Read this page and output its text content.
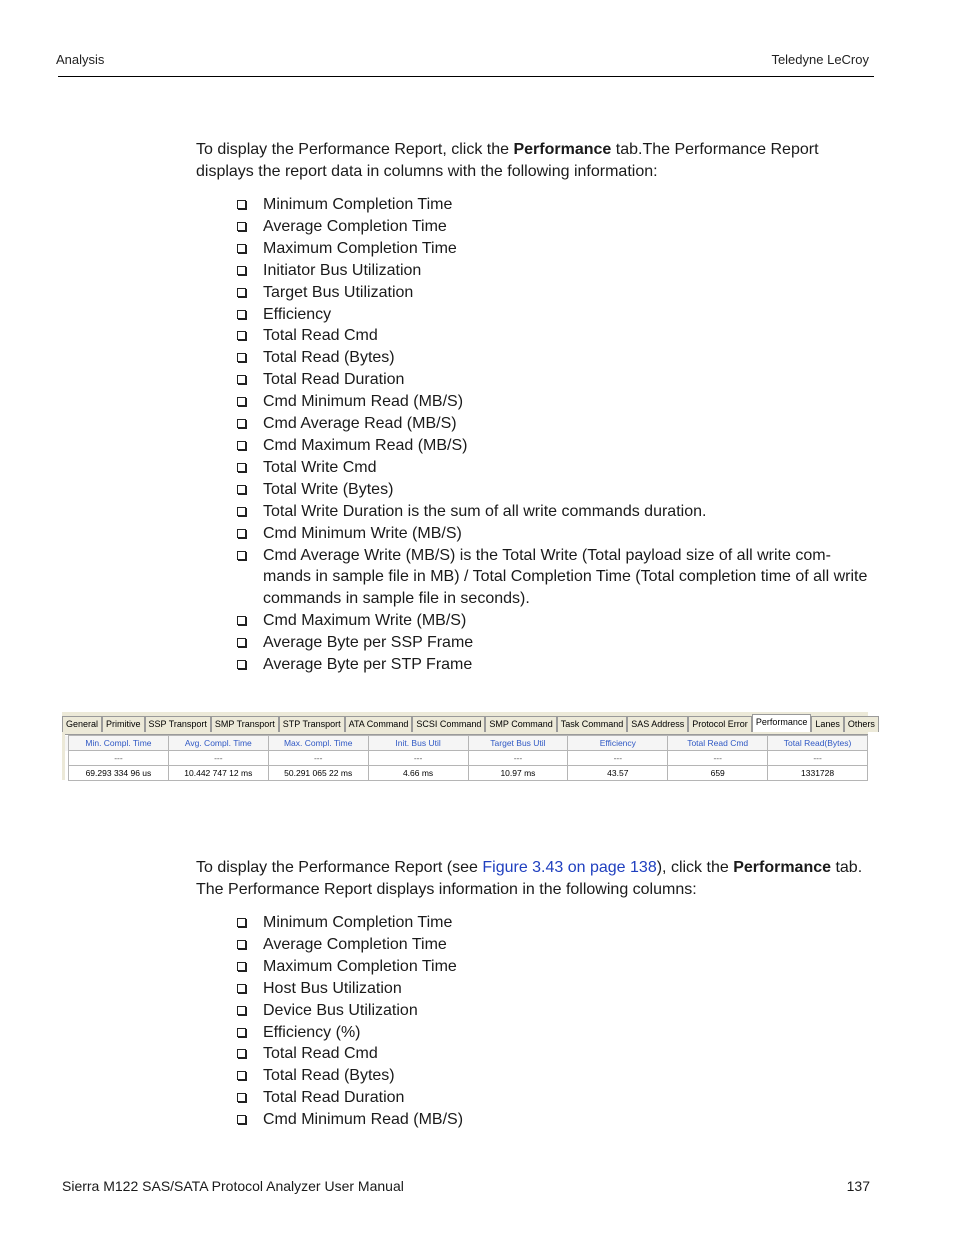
Analysis	Teledyne LeCroy

To display the Performance Report, click the Performance tab.The Performance Report displays the report data in columns with the following information:

Minimum Completion Time
Average Completion Time
Maximum Completion Time
Initiator Bus Utilization
Target Bus Utilization
Efficiency
Total Read Cmd
Total Read (Bytes)
Total Read Duration
Cmd Minimum Read (MB/S)
Cmd Average Read (MB/S)
Cmd Maximum Read (MB/S)
Total Write Cmd
Total Write (Bytes)
Total Write Duration is the sum of all write commands duration.
Cmd Minimum Write (MB/S)
Cmd Average Write (MB/S) is the Total Write (Total payload size of all write com-mands in sample file in MB) / Total Completion Time (Total completion time of all write commands in sample file in seconds).
Cmd Maximum Write (MB/S)
Average Byte per SSP Frame
Average Byte per STP Frame
General Primitive SSP Transport SMP Transport STP Transport ATA Command SCSI Command SMP Command Task Command SAS Address Protocol Error Performance Lanes Others
	Min. Compl. Time	Avg. Compl. Time	Max. Compl. Time	Init. Bus Util	Target Bus Util	Efficiency	Total Read Cmd	Total Read(Bytes)
	---	---	---	---	---	---	---	---
	69.293 334 96 us	10.442 747 12 ms	50.291 065 22 ms	4.66 ms	10.97 ms	43.57	659	1331728

To display the Performance Report (see Figure 3.43 on page 138), click the Performance tab. The Performance Report displays information in the following columns:

Minimum Completion Time
Average Completion Time
Maximum Completion Time
Host Bus Utilization
Device Bus Utilization
Efficiency (%)
Total Read Cmd
Total Read (Bytes)
Total Read Duration
Cmd Minimum Read (MB/S)
Sierra M122 SAS/SATA Protocol Analyzer User Manual	137
